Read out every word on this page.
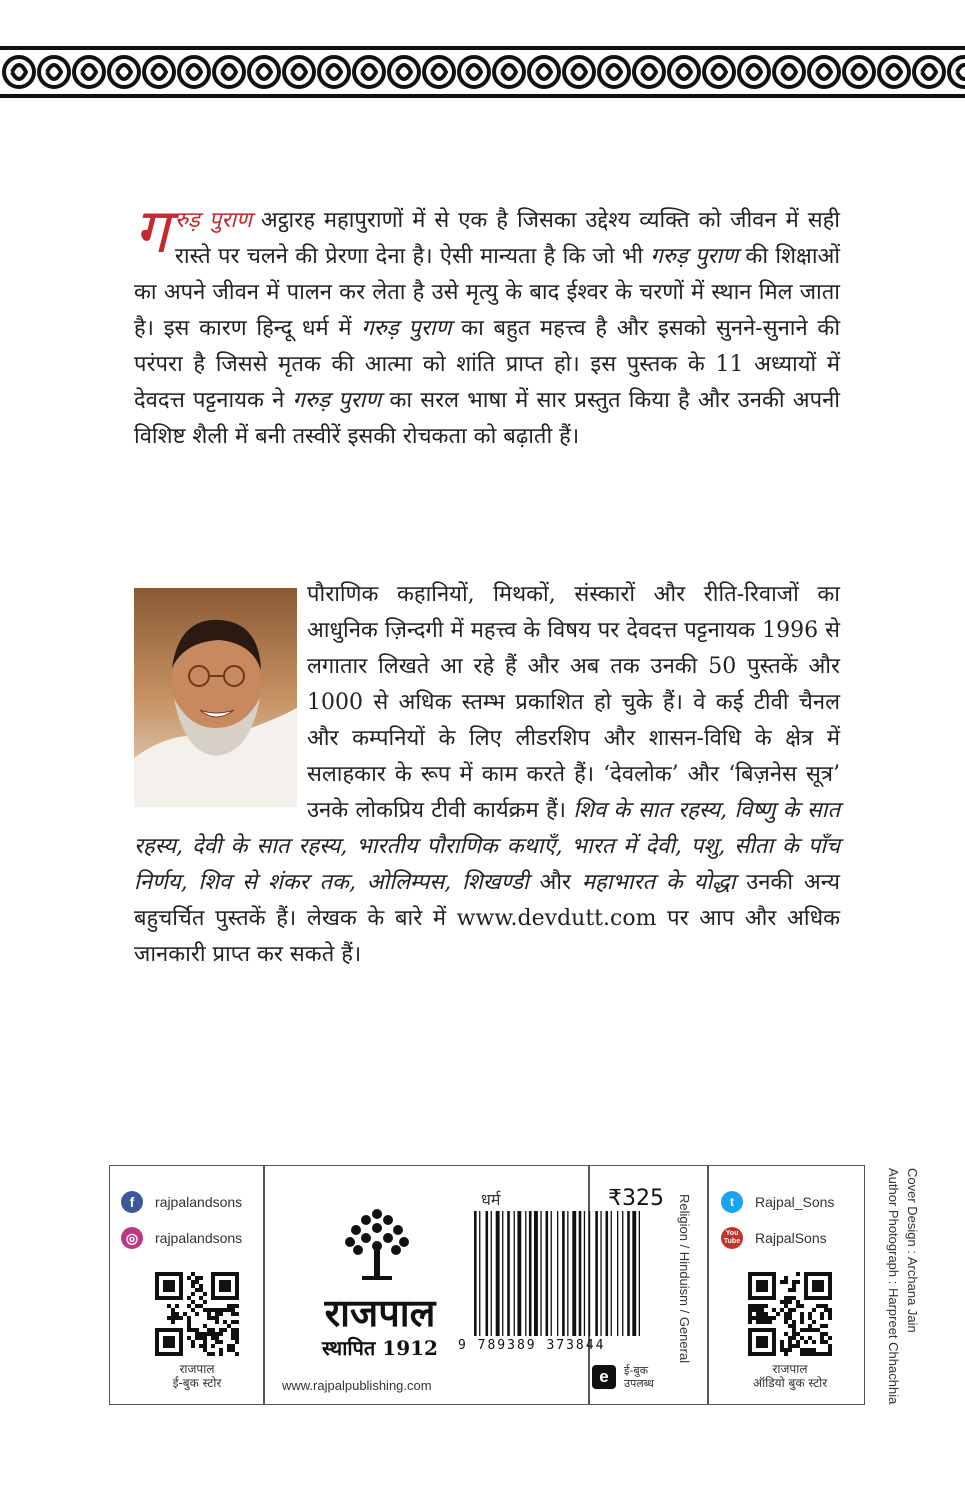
गरुड़ पुराण अट्ठारह महापुराणों में से एक है जिसका उद्देश्य व्यक्ति को जीवन में सही रास्ते पर चलने की प्रेरणा देना है। ऐसी मान्यता है कि जो भी गरुड़ पुराण की शिक्षाओं का अपने जीवन में पालन कर लेता है उसे मृत्यु के बाद ईश्वर के चरणों में स्थान मिल जाता है। इस कारण हिन्दू धर्म में गरुड़ पुराण का बहुत महत्त्व है और इसको सुनने-सुनाने की परंपरा है जिससे मृतक की आत्मा को शांति प्राप्त हो। इस पुस्तक के 11 अध्यायों में देवदत्त पट्टनायक ने गरुड़ पुराण का सरल भाषा में सार प्रस्तुत किया है और उनकी अपनी विशिष्ट शैली में बनी तस्वीरें इसकी रोचकता को बढ़ाती हैं।
पौराणिक कहानियों, मिथकों, संस्कारों और रीति-रिवाजों का आधुनिक ज़िन्दगी में महत्त्व के विषय पर देवदत्त पट्टनायक 1996 से लगातार लिखते आ रहे हैं और अब तक उनकी 50 पुस्तकें और 1000 से अधिक स्तम्भ प्रकाशित हो चुके हैं। वे कई टीवी चैनल और कम्पनियों के लिए लीडरशिप और शासन-विधि के क्षेत्र में सलाहकार के रूप में काम करते हैं। ‘देवलोक’ और ‘बिज़नेस सूत्र’ उनके लोकप्रिय टीवी कार्यक्रम हैं। शिव के सात रहस्य, विष्णु के सात रहस्य, देवी के सात रहस्य, भारतीय पौराणिक कथाएँ, भारत में देवी, पशु, सीता के पाँच निर्णय, शिव से शंकर तक, ओलिम्पस, शिखण्डी और महाभारत के योद्धा उनकी अन्य बहुचर्चित पुस्तकें हैं। लेखक के बारे में www.devdutt.com पर आप और अधिक जानकारी प्राप्त कर सकते हैं।
f	rajpalandsons
◎	rajpalandsons
राजपाल
ई-बुक स्टोर
राजपाल
स्थापित 1912
www.rajpalpublishing.com
धर्म	₹325
9 789389 373844
e	ई-बुक
उपलब्ध
Religion / Hinduism / General	t	Rajpal_Sons
You Tube RajpalSons
राजपाल
ऑडियो बुक स्टोर
Cover Design : Archana Jain
Author Photograph : Harpreet Chhachhia
